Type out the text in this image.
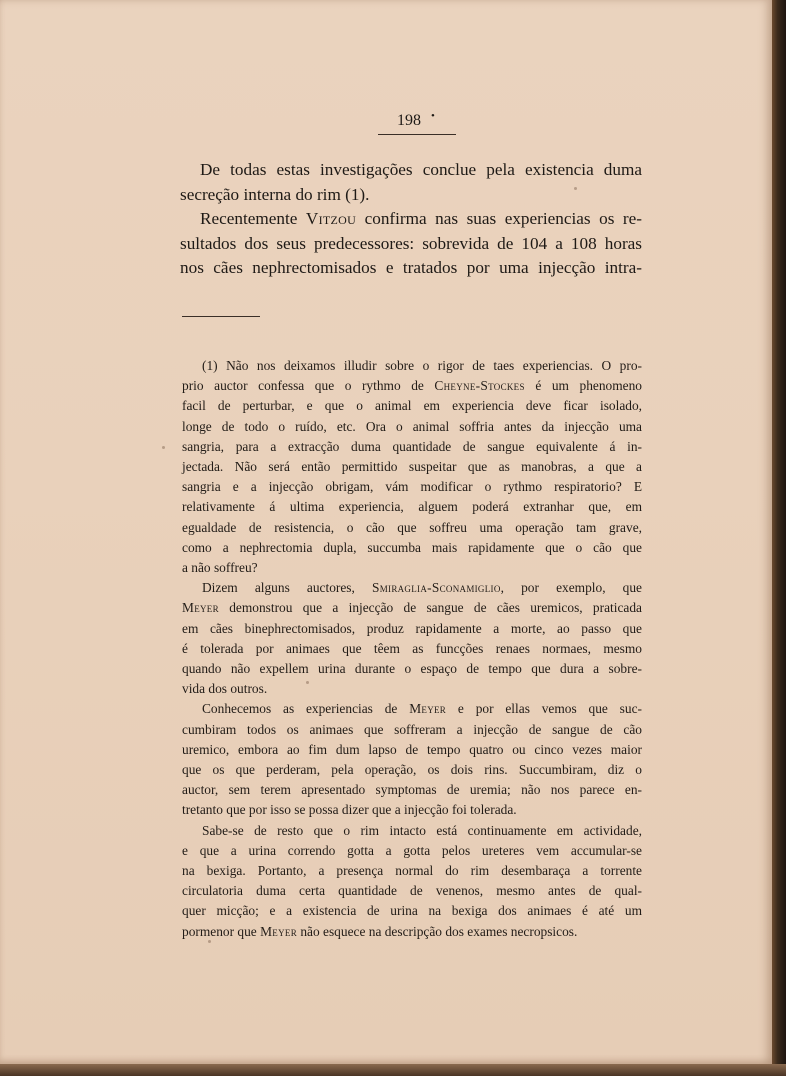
198 •
De todas estas investigações conclue pela existencia duma
secreção interna do rim (1).
Recentemente Vitzou confirma nas suas experiencias os re-
sultados dos seus predecessores: sobrevida de 104 a 108 horas
nos cães nephrectomisados e tratados por uma injecção intra-
(1) Não nos deixamos illudir sobre o rigor de taes experiencias. O pro-
prio auctor confessa que o rythmo de Cheyne-Stockes é um phenomeno
facil de perturbar, e que o animal em experiencia deve ficar isolado,
longe de todo o ruído, etc. Ora o animal soffria antes da injecção uma
sangria, para a extracção duma quantidade de sangue equivalente á in-
jectada. Não será então permittido suspeitar que as manobras, a que a
sangria e a injecção obrigam, vám modificar o rythmo respiratorio? E
relativamente á ultima experiencia, alguem poderá extranhar que, em
egualdade de resistencia, o cão que soffreu uma operação tam grave,
como a nephrectomia dupla, succumba mais rapidamente que o cão que
a não soffreu?
Dizem alguns auctores, Smiraglia-Sconamiglio, por exemplo, que
Meyer demonstrou que a injecção de sangue de cães uremicos, praticada
em cães binephrectomisados, produz rapidamente a morte, ao passo que
é tolerada por animaes que têem as funcções renaes normaes, mesmo
quando não expellem urina durante o espaço de tempo que dura a sobre-
vida dos outros.
Conhecemos as experiencias de Meyer e por ellas vemos que suc-
cumbiram todos os animaes que soffreram a injecção de sangue de cão
uremico, embora ao fim dum lapso de tempo quatro ou cinco vezes maior
que os que perderam, pela operação, os dois rins. Succumbiram, diz o
auctor, sem terem apresentado symptomas de uremia; não nos parece en-
tretanto que por isso se possa dizer que a injecção foi tolerada.
Sabe-se de resto que o rim intacto está continuamente em actividade,
e que a urina correndo gotta a gotta pelos ureteres vem accumular-se
na bexiga. Portanto, a presença normal do rim desembaraça a torrente
circulatoria duma certa quantidade de venenos, mesmo antes de qual-
quer micção; e a existencia de urina na bexiga dos animaes é até um
pormenor que Meyer não esquece na descripção dos exames necropsicos.
